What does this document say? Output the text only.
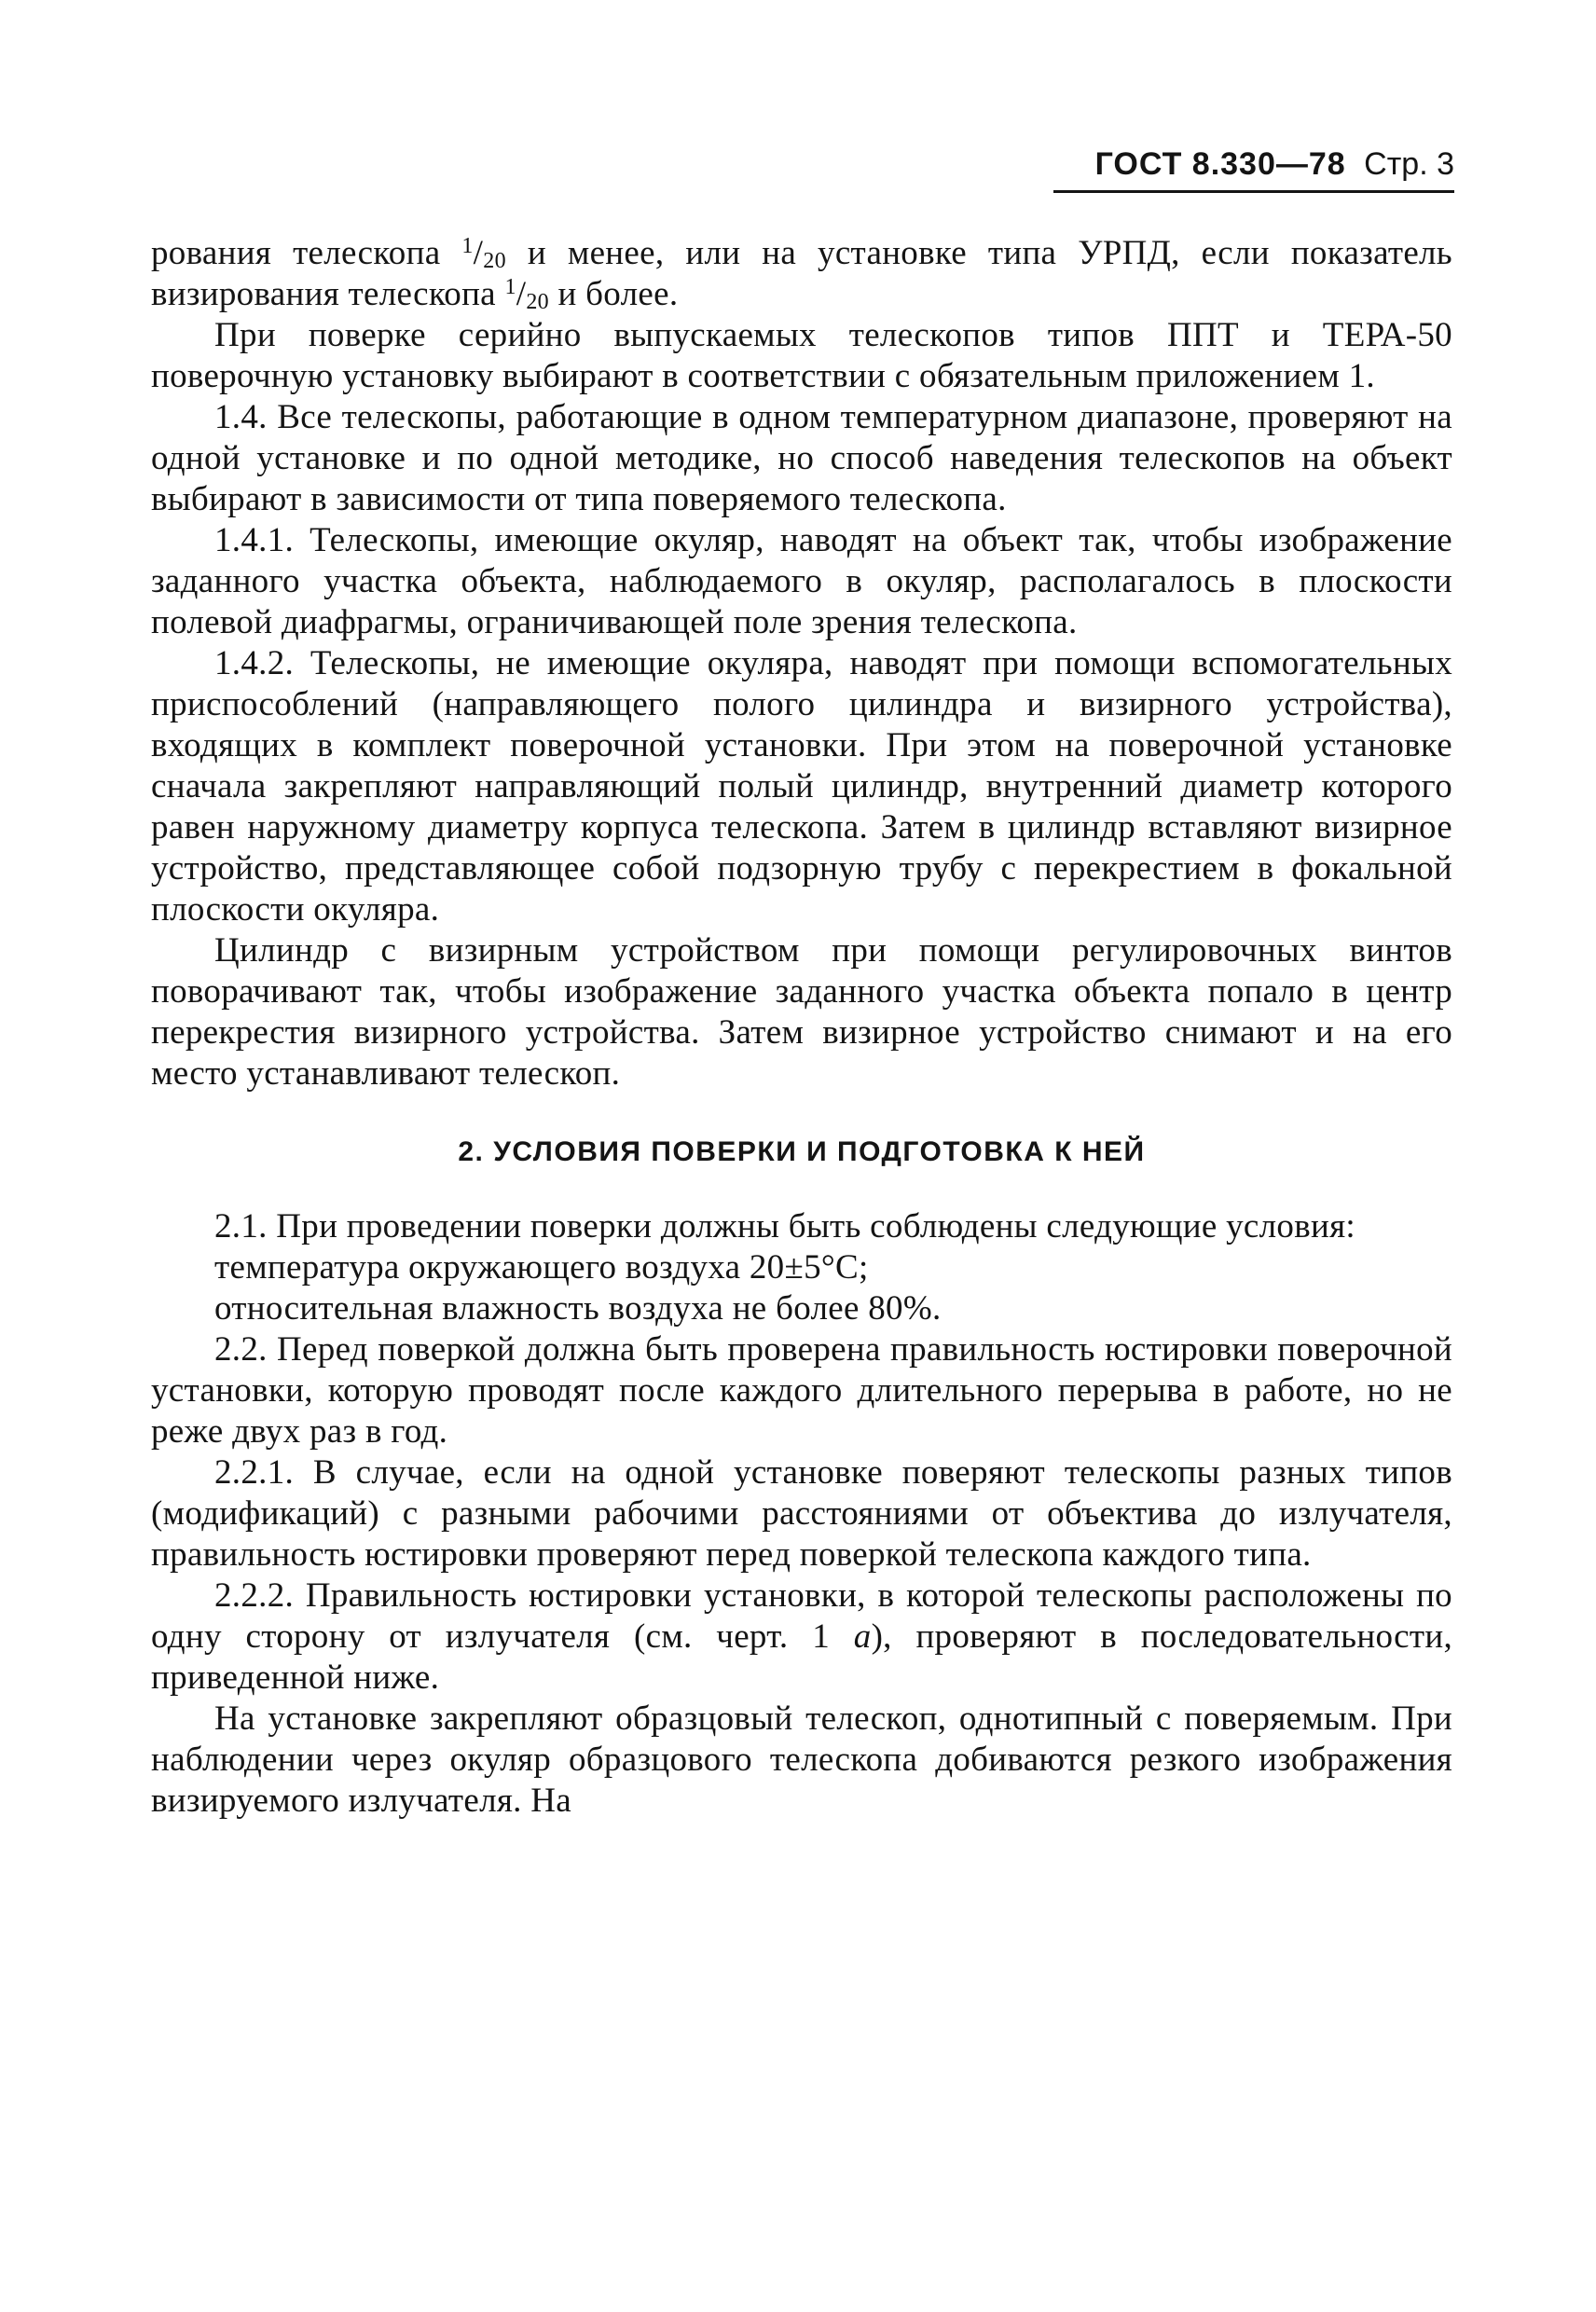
ГОСТ 8.330—78 Стр. 3

рования телескопа $^1/_{20}$ и менее, или на установке типа УРПД, если показатель визирования телескопа $^1/_{20}$ и более.

При поверке серийно выпускаемых телескопов типов ППТ и ТЕРА-50 поверочную установку выбирают в соответствии с обязательным приложением 1.

1.4. Все телескопы, работающие в одном температурном диапазоне, проверяют на одной установке и по одной методике, но способ наведения телескопов на объект выбирают в зависимости от типа поверяемого телескопа.

1.4.1. Телескопы, имеющие окуляр, наводят на объект так, чтобы изображение заданного участка объекта, наблюдаемого в окуляр, располагалось в плоскости полевой диафрагмы, ограничивающей поле зрения телескопа.

1.4.2. Телескопы, не имеющие окуляра, наводят при помощи вспомогательных приспособлений (направляющего полого цилиндра и визирного устройства), входящих в комплект поверочной установки. При этом на поверочной установке сначала закрепляют направляющий полый цилиндр, внутренний диаметр которого равен наружному диаметру корпуса телескопа. Затем в цилиндр вставляют визирное устройство, представляющее собой подзорную трубу с перекрестием в фокальной плоскости окуляра.

Цилиндр с визирным устройством при помощи регулировочных винтов поворачивают так, чтобы изображение заданного участка объекта попало в центр перекрестия визирного устройства. Затем визирное устройство снимают и на его место устанавливают телескоп.

2. УСЛОВИЯ ПОВЕРКИ И ПОДГОТОВКА К НЕЙ

2.1. При проведении поверки должны быть соблюдены следующие условия:

температура окружающего воздуха 20±5°С;

относительная влажность воздуха не более 80%.

2.2. Перед поверкой должна быть проверена правильность юстировки поверочной установки, которую проводят после каждого длительного перерыва в работе, но не реже двух раз в год.

2.2.1. В случае, если на одной установке поверяют телескопы разных типов (модификаций) с разными рабочими расстояниями от объектива до излучателя, правильность юстировки проверяют перед поверкой телескопа каждого типа.

2.2.2. Правильность юстировки установки, в которой телескопы расположены по одну сторону от излучателя (см. черт. 1 а), проверяют в последовательности, приведенной ниже.

На установке закрепляют образцовый телескоп, однотипный с поверяемым. При наблюдении через окуляр образцового телескопа добиваются резкого изображения визируемого излучателя. На
